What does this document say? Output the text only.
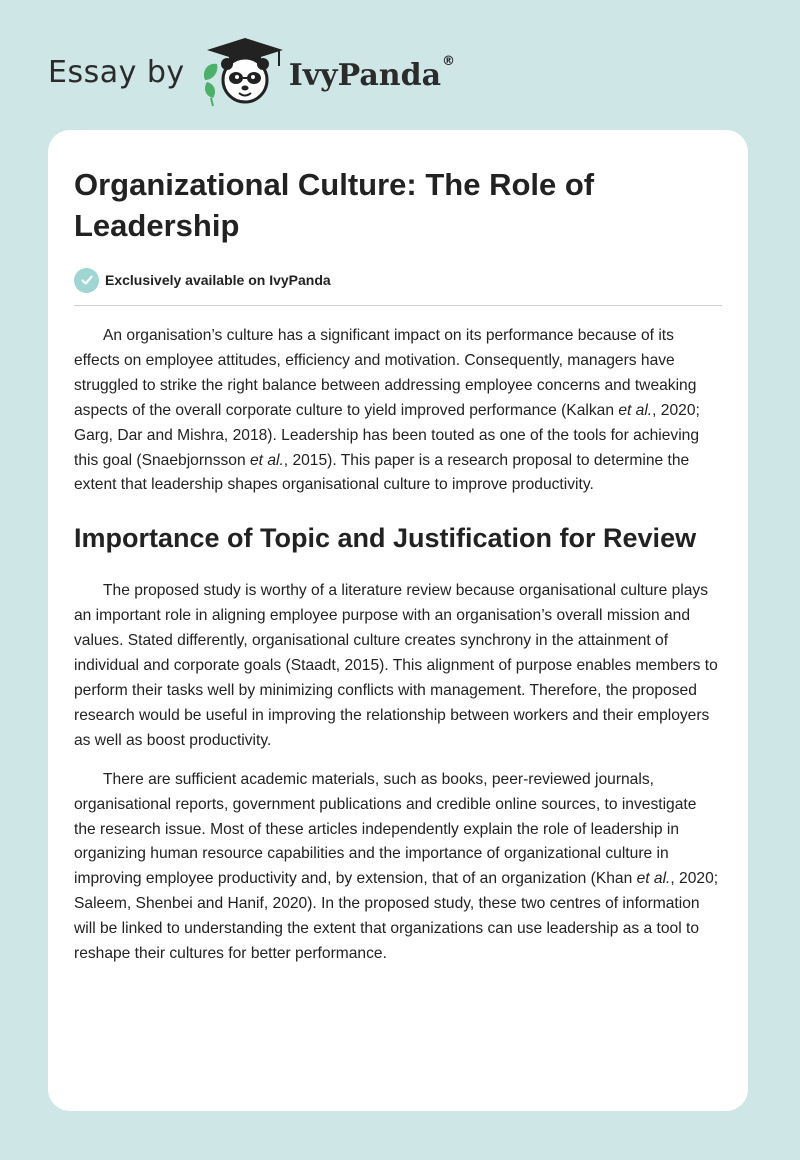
Essay by	IvyPanda®
Organizational Culture: The Role of Leadership
Exclusively available on IvyPanda

An organisation’s culture has a significant impact on its performance because of its effects on employee attitudes, efficiency and motivation. Consequently, managers have struggled to strike the right balance between addressing employee concerns and tweaking aspects of the overall corporate culture to yield improved performance (Kalkan et al., 2020; Garg, Dar and Mishra, 2018). Leadership has been touted as one of the tools for achieving this goal (Snaebjornsson et al., 2015). This paper is a research proposal to determine the extent that leadership shapes organisational culture to improve productivity.

Importance of Topic and Justification for Review

The proposed study is worthy of a literature review because organisational culture plays an important role in aligning employee purpose with an organisation’s overall mission and values. Stated differently, organisational culture creates synchrony in the attainment of individual and corporate goals (Staadt, 2015). This alignment of purpose enables members to perform their tasks well by minimizing conflicts with management. Therefore, the proposed research would be useful in improving the relationship between workers and their employers as well as boost productivity.

There are sufficient academic materials, such as books, peer-reviewed journals, organisational reports, government publications and credible online sources, to investigate the research issue. Most of these articles independently explain the role of leadership in organizing human resource capabilities and the importance of organizational culture in improving employee productivity and, by extension, that of an organization (Khan et al., 2020; Saleem, Shenbei and Hanif, 2020). In the proposed study, these two centres of information will be linked to understanding the extent that organizations can use leadership as a tool to reshape their cultures for better performance.
